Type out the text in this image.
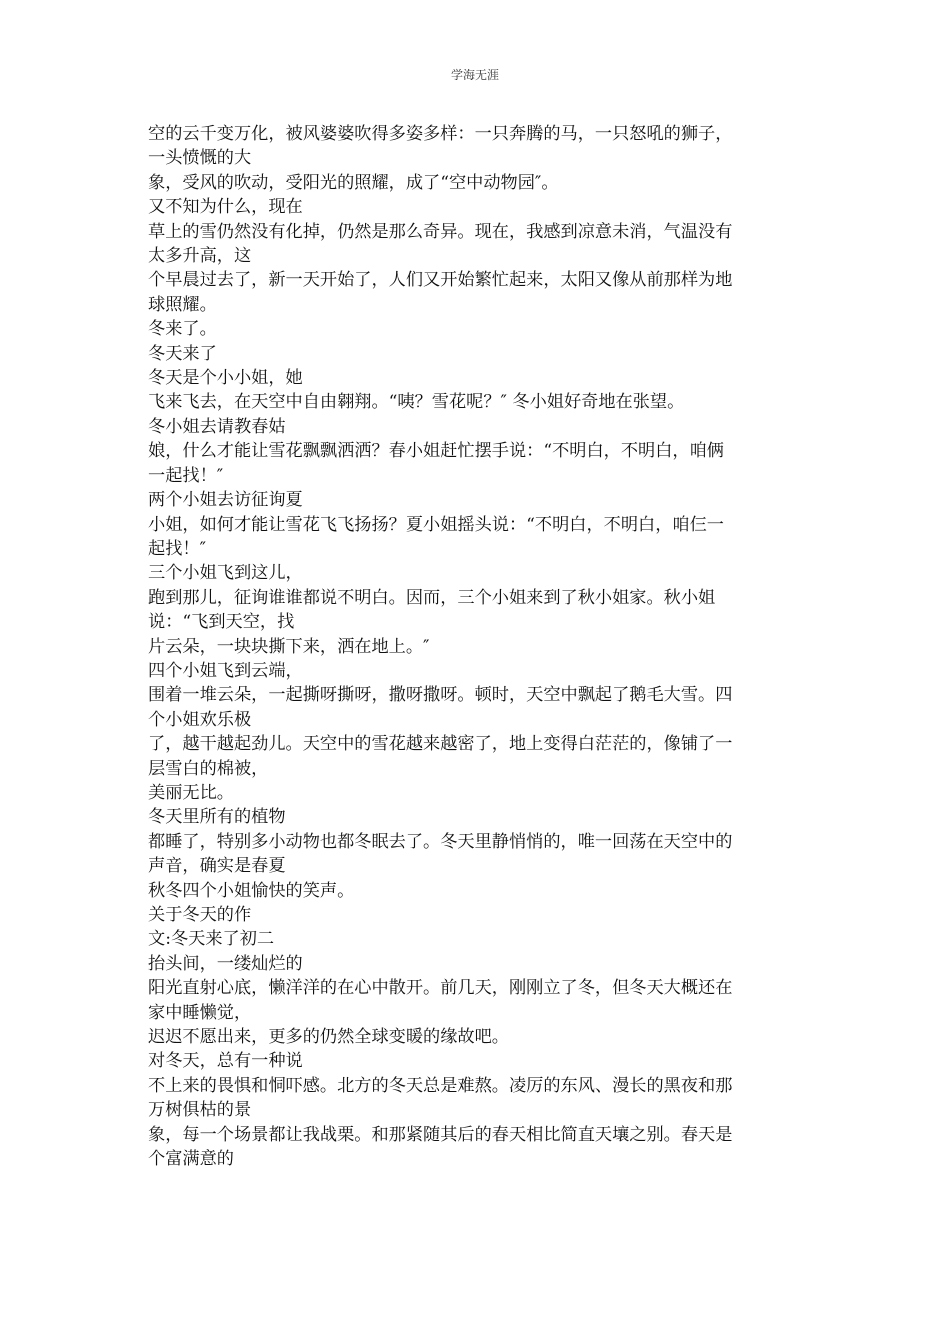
学海无涯
空的云千变万化，被风婆婆吹得多姿多样：一只奔腾的马，一只怒吼的狮子，
一头愤慨的大
象，受风的吹动，受阳光的照耀，成了“空中动物园″。
又不知为什么，现在
草上的雪仍然没有化掉，仍然是那么奇异。现在，我感到凉意未消，气温没有
太多升高，这
个早晨过去了，新一天开始了，人们又开始繁忙起来，太阳又像从前那样为地
球照耀。
冬来了。
冬天来了
冬天是个小小姐，她
飞来飞去，在天空中自由翱翔。“咦？雪花呢？″ 冬小姐好奇地在张望。
冬小姐去请教春姑
娘，什么才能让雪花飘飘洒洒？春小姐赶忙摆手说：“不明白，不明白，咱俩
一起找！″
两个小姐去访征询夏
小姐，如何才能让雪花飞飞扬扬？夏小姐摇头说：“不明白，不明白，咱仨一
起找！″
三个小姐飞到这儿，
跑到那儿，征询谁谁都说不明白。因而，三个小姐来到了秋小姐家。秋小姐
说：“飞到天空，找
片云朵，一块块撕下来，洒在地上。″
四个小姐飞到云端，
围着一堆云朵，一起撕呀撕呀，撒呀撒呀。顿时，天空中飘起了鹅毛大雪。四
个小姐欢乐极
了，越干越起劲儿。天空中的雪花越来越密了，地上变得白茫茫的，像铺了一
层雪白的棉被，
美丽无比。
冬天里所有的植物
都睡了，特别多小动物也都冬眠去了。冬天里静悄悄的，唯一回荡在天空中的
声音，确实是春夏
秋冬四个小姐愉快的笑声。
关于冬天的作
文:冬天来了初二
抬头间，一缕灿烂的
阳光直射心底，懒洋洋的在心中散开。前几天，刚刚立了冬，但冬天大概还在
家中睡懒觉，
迟迟不愿出来，更多的仍然全球变暖的缘故吧。
对冬天，总有一种说
不上来的畏惧和恫吓感。北方的冬天总是难熬。凌厉的东风、漫长的黑夜和那
万树俱枯的景
象，每一个场景都让我战栗。和那紧随其后的春天相比简直天壤之别。春天是
个富满意的
